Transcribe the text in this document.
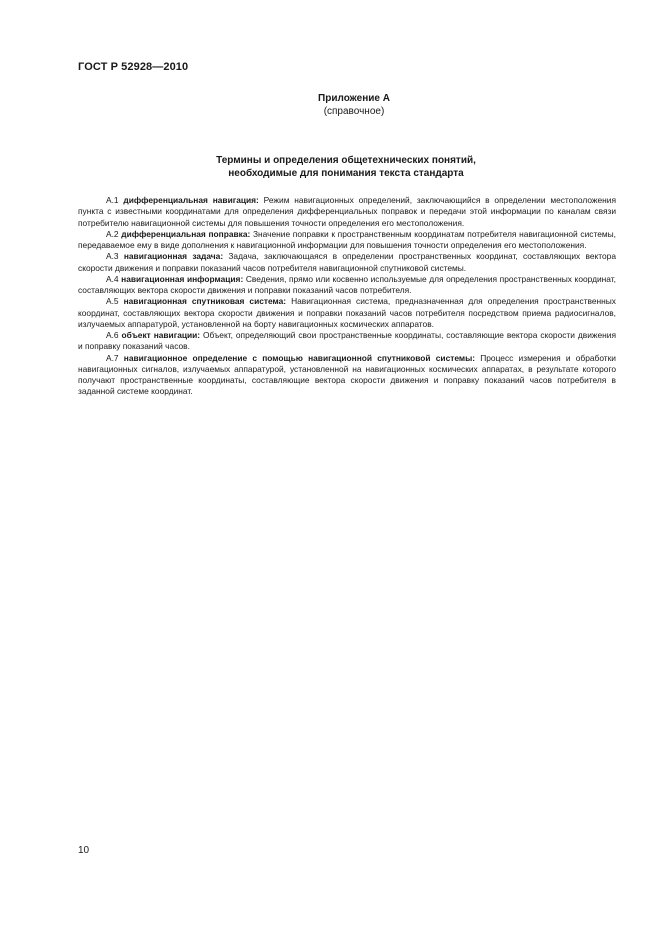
ГОСТ Р 52928—2010
Приложение А
(справочное)
Термины и определения общетехнических понятий,
необходимые для понимания текста стандарта

А.1 дифференциальная навигация: Режим навигационных определений, заключающийся в определении местоположения пункта с известными координатами для определения дифференциальных поправок и передачи этой информации по каналам связи потребителю навигационной системы для повышения точности определения его местоположения.

А.2 дифференциальная поправка: Значение поправки к пространственным координатам потребителя навигационной системы, передаваемое ему в виде дополнения к навигационной информации для повышения точности определения его местоположения.

А.3 навигационная задача: Задача, заключающаяся в определении пространственных координат, составляющих вектора скорости движения и поправки показаний часов потребителя навигационной спутниковой системы.

А.4 навигационная информация: Сведения, прямо или косвенно используемые для определения пространственных координат, составляющих вектора скорости движения и поправки показаний часов потребителя.

А.5 навигационная спутниковая система: Навигационная система, предназначенная для определения пространственных координат, составляющих вектора скорости движения и поправки показаний часов потребителя посредством приема радиосигналов, излучаемых аппаратурой, установленной на борту навигационных космических аппаратов.

А.6 объект навигации: Объект, определяющий свои пространственные координаты, составляющие вектора скорости движения и поправку показаний часов.

А.7 навигационное определение с помощью навигационной спутниковой системы: Процесс измерения и обработки навигационных сигналов, излучаемых аппаратурой, установленной на навигационных космических аппаратах, в результате которого получают пространственные координаты, составляющие вектора скорости движения и поправку показаний часов потребителя в заданной системе координат.

10
